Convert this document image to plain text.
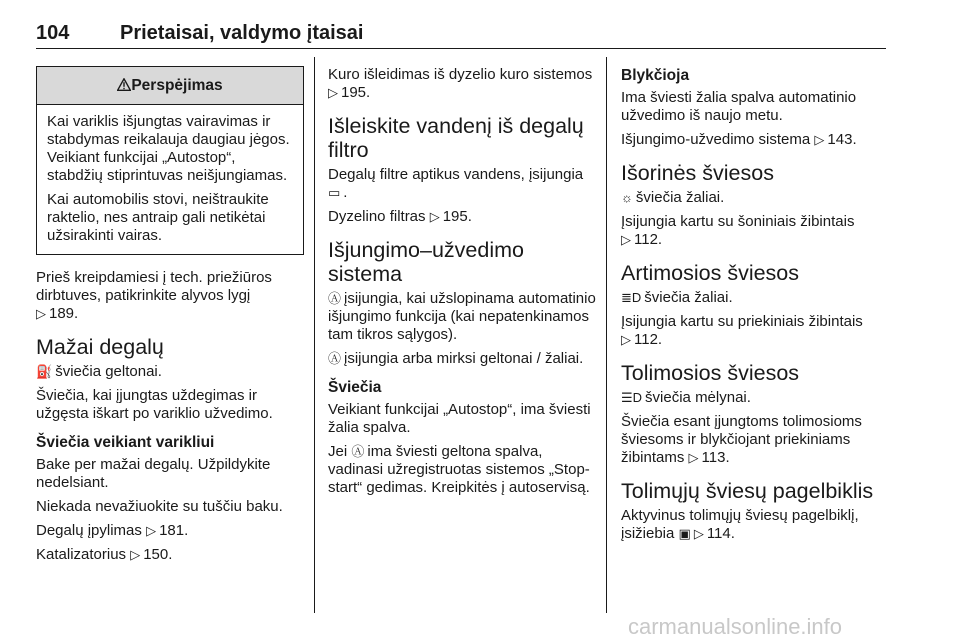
104	Prietaisai, valdymo įtaisai
Perspėjimas

Kai variklis išjungtas vairavimas ir stabdymas reikalauja daugiau jėgos. Veikiant funkcijai „Autostop“, stabdžių stiprintuvas neišjungiamas.

Kai automobilis stovi, neištraukite raktelio, nes antraip gali netikėtai užsirakinti vairas.

Prieš kreipdamiesi į tech. priežiūros dirbtuves, patikrinkite alyvos lygį
▷ 189.

Mažai degalų

⛽ šviečia geltonai.

Šviečia, kai įjungtas uždegimas ir užgęsta iškart po variklio užvedimo.

Šviečia veikiant varikliui

Bake per mažai degalų. Užpildykite nedelsiant.

Niekada nevažiuokite su tuščiu baku.

Degalų įpylimas ▷ 181.

Katalizatorius ▷ 150.

Kuro išleidimas iš dyzelio kuro sistemos ▷ 195.

Išleiskite vandenį iš degalų filtro

Degalų filtre aptikus vandens, įsijungia ▭ .

Dyzelino filtras ▷ 195.

Išjungimo–užvedimo sistema

Ⓐ įsijungia, kai užslopinama automatinio išjungimo funkcija (kai nepatenkinamos tam tikros sąlygos).

Ⓐ įsijungia arba mirksi geltonai / žaliai.

Šviečia

Veikiant funkcijai „Autostop“, ima šviesti žalia spalva.

Jei Ⓐ ima šviesti geltona spalva, vadinasi užregistruotas sistemos „Stop-start“ gedimas. Kreipkitės į autoservisą.

Blykčioja

Ima šviesti žalia spalva automatinio užvedimo iš naujo metu.

Išjungimo-užvedimo sistema ▷ 143.

Išorinės šviesos

☼ šviečia žaliai.

Įsijungia kartu su šoniniais žibintais
▷ 112.

Artimosios šviesos

≣D šviečia žaliai.

Įsijungia kartu su priekiniais žibintais
▷ 112.

Tolimosios šviesos

☰D šviečia mėlynai.

Šviečia esant įjungtoms tolimosioms šviesoms ir blykčiojant priekiniams žibintams ▷ 113.

Tolimųjų šviesų pagelbiklis

Aktyvinus tolimųjų šviesų pagelbiklį, įsižiebia ▣ ▷ 114.

carmanualsonline.info
